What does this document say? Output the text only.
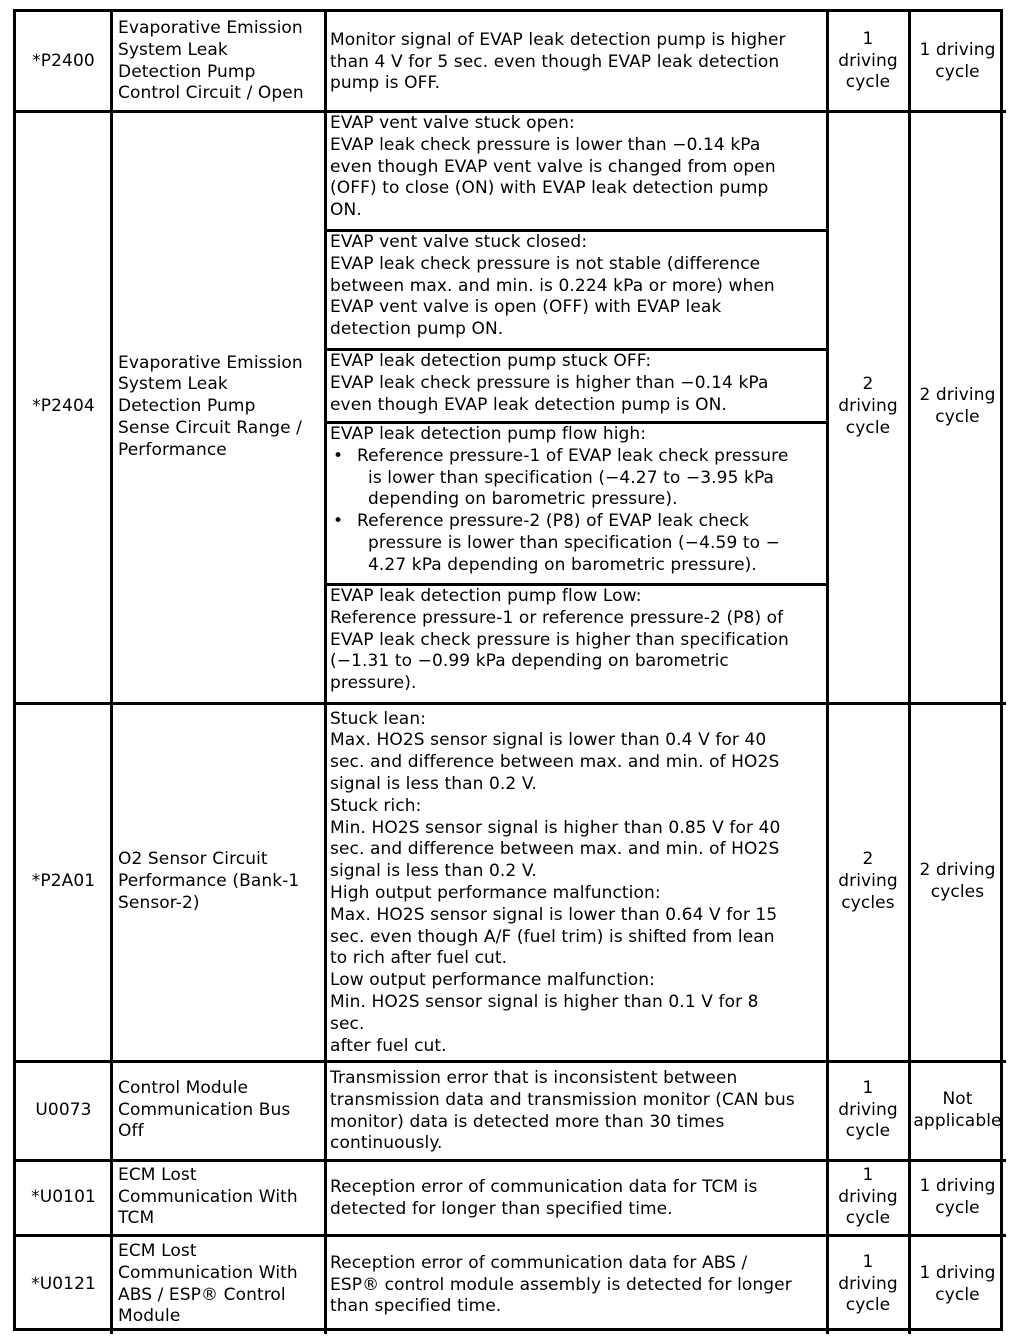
*P2400
Evaporative Emission
System Leak
Detection Pump
Control Circuit / Open
Monitor signal of EVAP leak detection pump is higher
than 4 V for 5 sec. even though EVAP leak detection
pump is OFF.
1
driving
cycle
1 driving
cycle
*P2404
Evaporative Emission
System Leak
Detection Pump
Sense Circuit Range /
Performance
EVAP vent valve stuck open:
EVAP leak check pressure is lower than −0.14 kPa
even though EVAP vent valve is changed from open
(OFF) to close (ON) with EVAP leak detection pump
ON.
EVAP vent valve stuck closed:
EVAP leak check pressure is not stable (difference
between max. and min. is 0.224 kPa or more) when
EVAP vent valve is open (OFF) with EVAP leak
detection pump ON.
EVAP leak detection pump stuck OFF:
EVAP leak check pressure is higher than −0.14 kPa
even though EVAP leak detection pump is ON.
EVAP leak detection pump flow high:
• Reference pressure-1 of EVAP leak check pressure
is lower than specification (−4.27 to −3.95 kPa
depending on barometric pressure).
• Reference pressure-2 (P8) of EVAP leak check
pressure is lower than specification (−4.59 to −
4.27 kPa depending on barometric pressure).
EVAP leak detection pump flow Low:
Reference pressure-1 or reference pressure-2 (P8) of
EVAP leak check pressure is higher than specification
(−1.31 to −0.99 kPa depending on barometric
pressure).
2
driving
cycle
2 driving
cycle
*P2A01
O2 Sensor Circuit
Performance (Bank-1
Sensor-2)
Stuck lean:
Max. HO2S sensor signal is lower than 0.4 V for 40
sec. and difference between max. and min. of HO2S
signal is less than 0.2 V.
Stuck rich:
Min. HO2S sensor signal is higher than 0.85 V for 40
sec. and difference between max. and min. of HO2S
signal is less than 0.2 V.
High output performance malfunction:
Max. HO2S sensor signal is lower than 0.64 V for 15
sec. even though A/F (fuel trim) is shifted from lean
to rich after fuel cut.
Low output performance malfunction:
Min. HO2S sensor signal is higher than 0.1 V for 8
sec.
after fuel cut.
2
driving
cycles
2 driving
cycles
U0073
Control Module
Communication Bus
Off
Transmission error that is inconsistent between
transmission data and transmission monitor (CAN bus
monitor) data is detected more than 30 times
continuously.
1
driving
cycle
Not
applicable
*U0101
ECM Lost
Communication With
TCM
Reception error of communication data for TCM is
detected for longer than specified time.
1
driving
cycle
1 driving
cycle
*U0121
ECM Lost
Communication With
ABS / ESP® Control
Module
Reception error of communication data for ABS /
ESP® control module assembly is detected for longer
than specified time.
1
driving
cycle
1 driving
cycle
